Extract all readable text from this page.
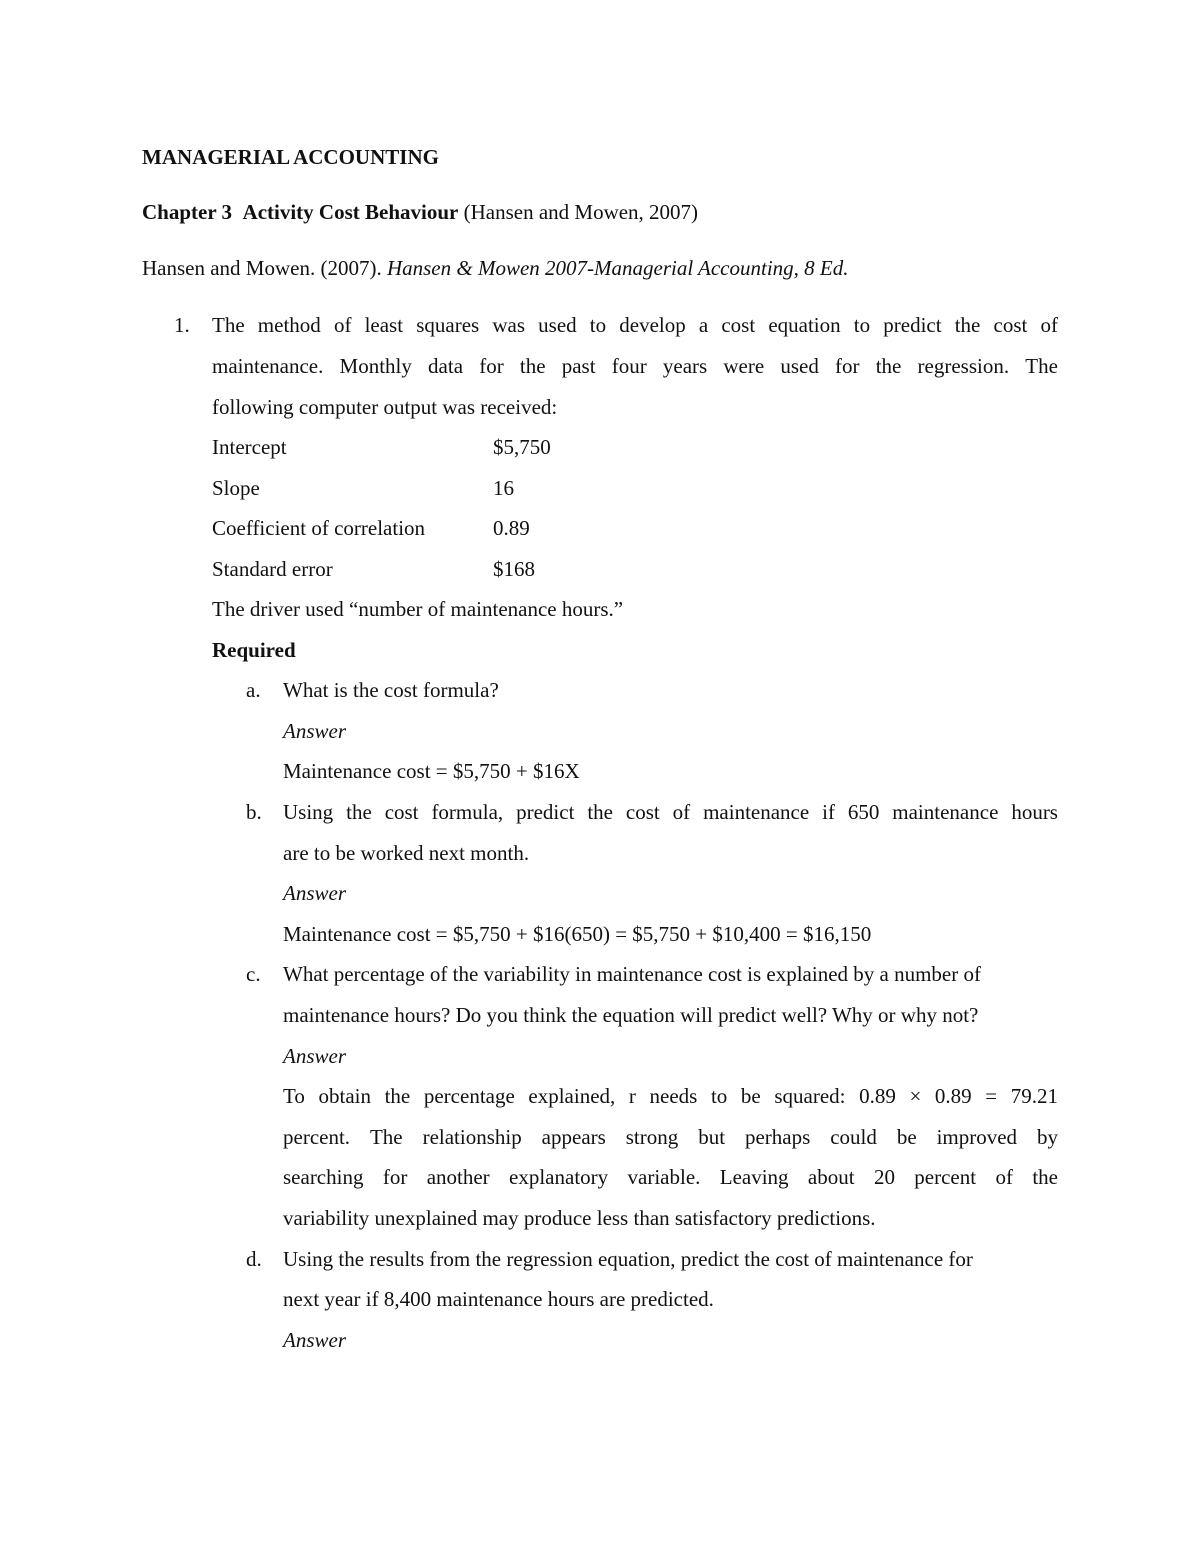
MANAGERIAL ACCOUNTING
Chapter 3 Activity Cost Behaviour (Hansen and Mowen, 2007)
Hansen and Mowen. (2007). Hansen & Mowen 2007-Managerial Accounting, 8 Ed.
1. The method of least squares was used to develop a cost equation to predict the cost of
maintenance. Monthly data for the past four years were used for the regression. The
following computer output was received:
Intercept	$5,750
Slope	16
Coefficient of correlation	0.89
Standard error	$168
The driver used “number of maintenance hours.”
Required
a. What is the cost formula?
Answer
Maintenance cost = $5,750 + $16X
b. Using the cost formula, predict the cost of maintenance if 650 maintenance hours
are to be worked next month.
Answer
Maintenance cost = $5,750 + $16(650) = $5,750 + $10,400 = $16,150
c. What percentage of the variability in maintenance cost is explained by a number of
maintenance hours? Do you think the equation will predict well? Why or why not?
Answer
To obtain the percentage explained, r needs to be squared: 0.89 × 0.89 = 79.21
percent. The relationship appears strong but perhaps could be improved by
searching for another explanatory variable. Leaving about 20 percent of the
variability unexplained may produce less than satisfactory predictions.
d. Using the results from the regression equation, predict the cost of maintenance for
next year if 8,400 maintenance hours are predicted.
Answer
